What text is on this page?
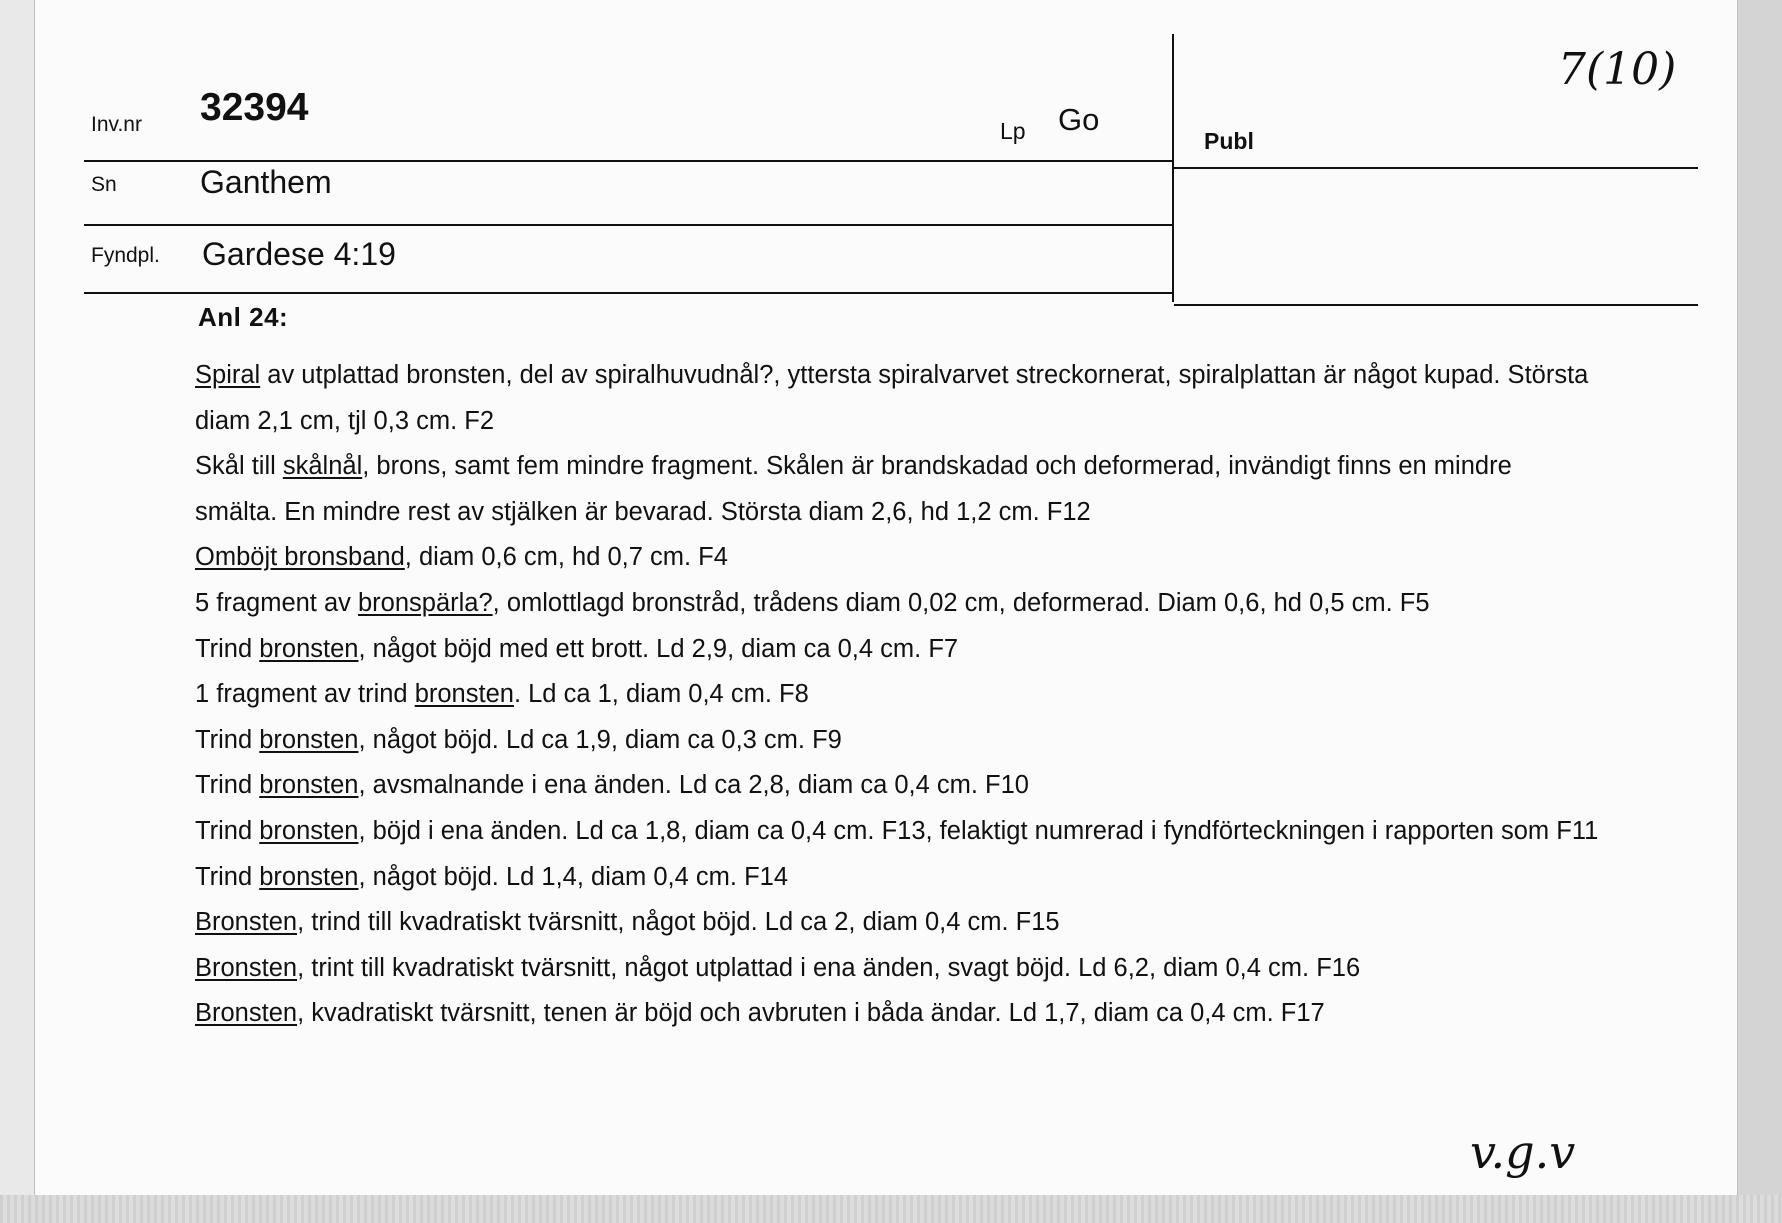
Inv.nr 32394
Lp Go
Publ
Sn	Ganthem
Fyndpl. Gardese 4:19
7(10)
v.g.v
Anl 24:

Spiral av utplattad bronsten, del av spiralhuvudnål?, yttersta spiralvarvet streckornerat, spiralplattan är något kupad. Största diam 2,1 cm, tjl 0,3 cm. F2

Skål till skålnål, brons, samt fem mindre fragment. Skålen är brandskadad och deformerad, invändigt finns en mindre smälta. En mindre rest av stjälken är bevarad. Största diam 2,6, hd 1,2 cm. F12

Omböjt bronsband, diam 0,6 cm, hd 0,7 cm. F4

5 fragment av bronspärla?, omlottlagd bronstråd, trådens diam 0,02 cm, deformerad. Diam 0,6, hd 0,5 cm. F5

Trind bronsten, något böjd med ett brott. Ld 2,9, diam ca 0,4 cm. F7

1 fragment av trind bronsten. Ld ca 1, diam 0,4 cm. F8

Trind bronsten, något böjd. Ld ca 1,9, diam ca 0,3 cm. F9

Trind bronsten, avsmalnande i ena änden. Ld ca 2,8, diam ca 0,4 cm. F10

Trind bronsten, böjd i ena änden. Ld ca 1,8, diam ca 0,4 cm. F13, felaktigt numrerad i fyndförteckningen i rapporten som F11

Trind bronsten, något böjd. Ld 1,4, diam 0,4 cm. F14

Bronsten, trind till kvadratiskt tvärsnitt, något böjd. Ld ca 2, diam 0,4 cm. F15

Bronsten, trint till kvadratiskt tvärsnitt, något utplattad i ena änden, svagt böjd. Ld 6,2, diam 0,4 cm. F16

Bronsten, kvadratiskt tvärsnitt, tenen är böjd och avbruten i båda ändar. Ld 1,7, diam ca 0,4 cm. F17
